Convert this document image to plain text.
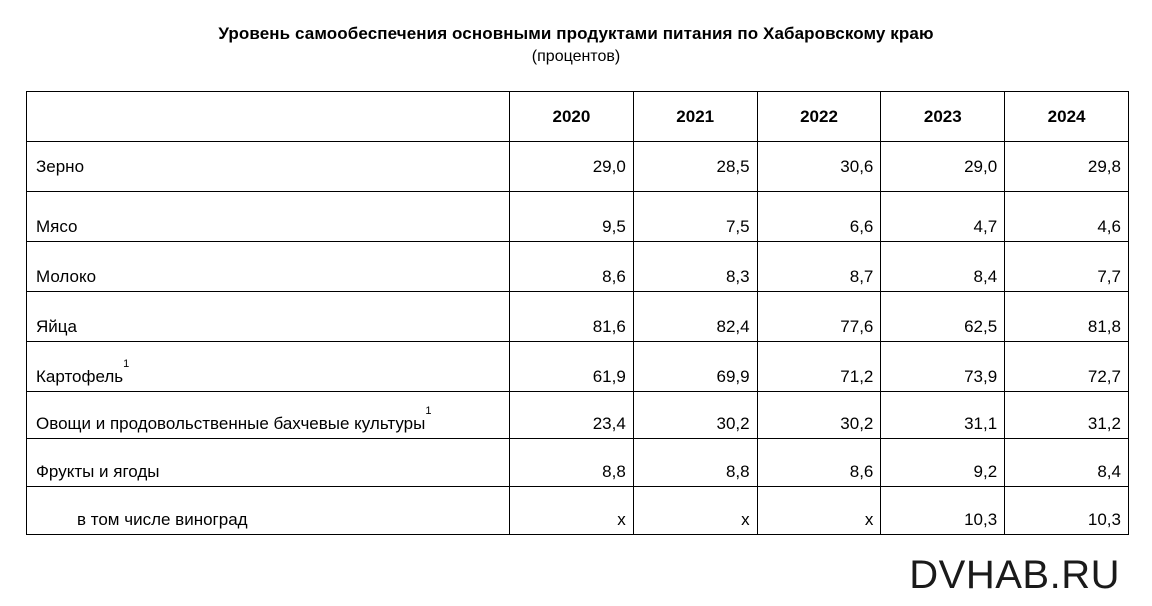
Уровень самообеспечения основными продуктами питания по Хабаровскому краю
(процентов)
	2020	2021	2022	2023	2024
Зерно	29,0	28,5	30,6	29,0	29,8
Мясо	9,5	7,5	6,6	4,7	4,6
Молоко	8,6	8,3	8,7	8,4	7,7
Яйца	81,6	82,4	77,6	62,5	81,8
Картофель$^1$	61,9	69,9	71,2	73,9	72,7
Овощи и продовольственные бахчевые культуры$^1$	23,4	30,2	30,2	31,1	31,2
Фрукты и ягоды	8,8	8,8	8,6	9,2	8,4
в том числе виноград	x	x	x	10,3	10,3
DVHAB.RU
